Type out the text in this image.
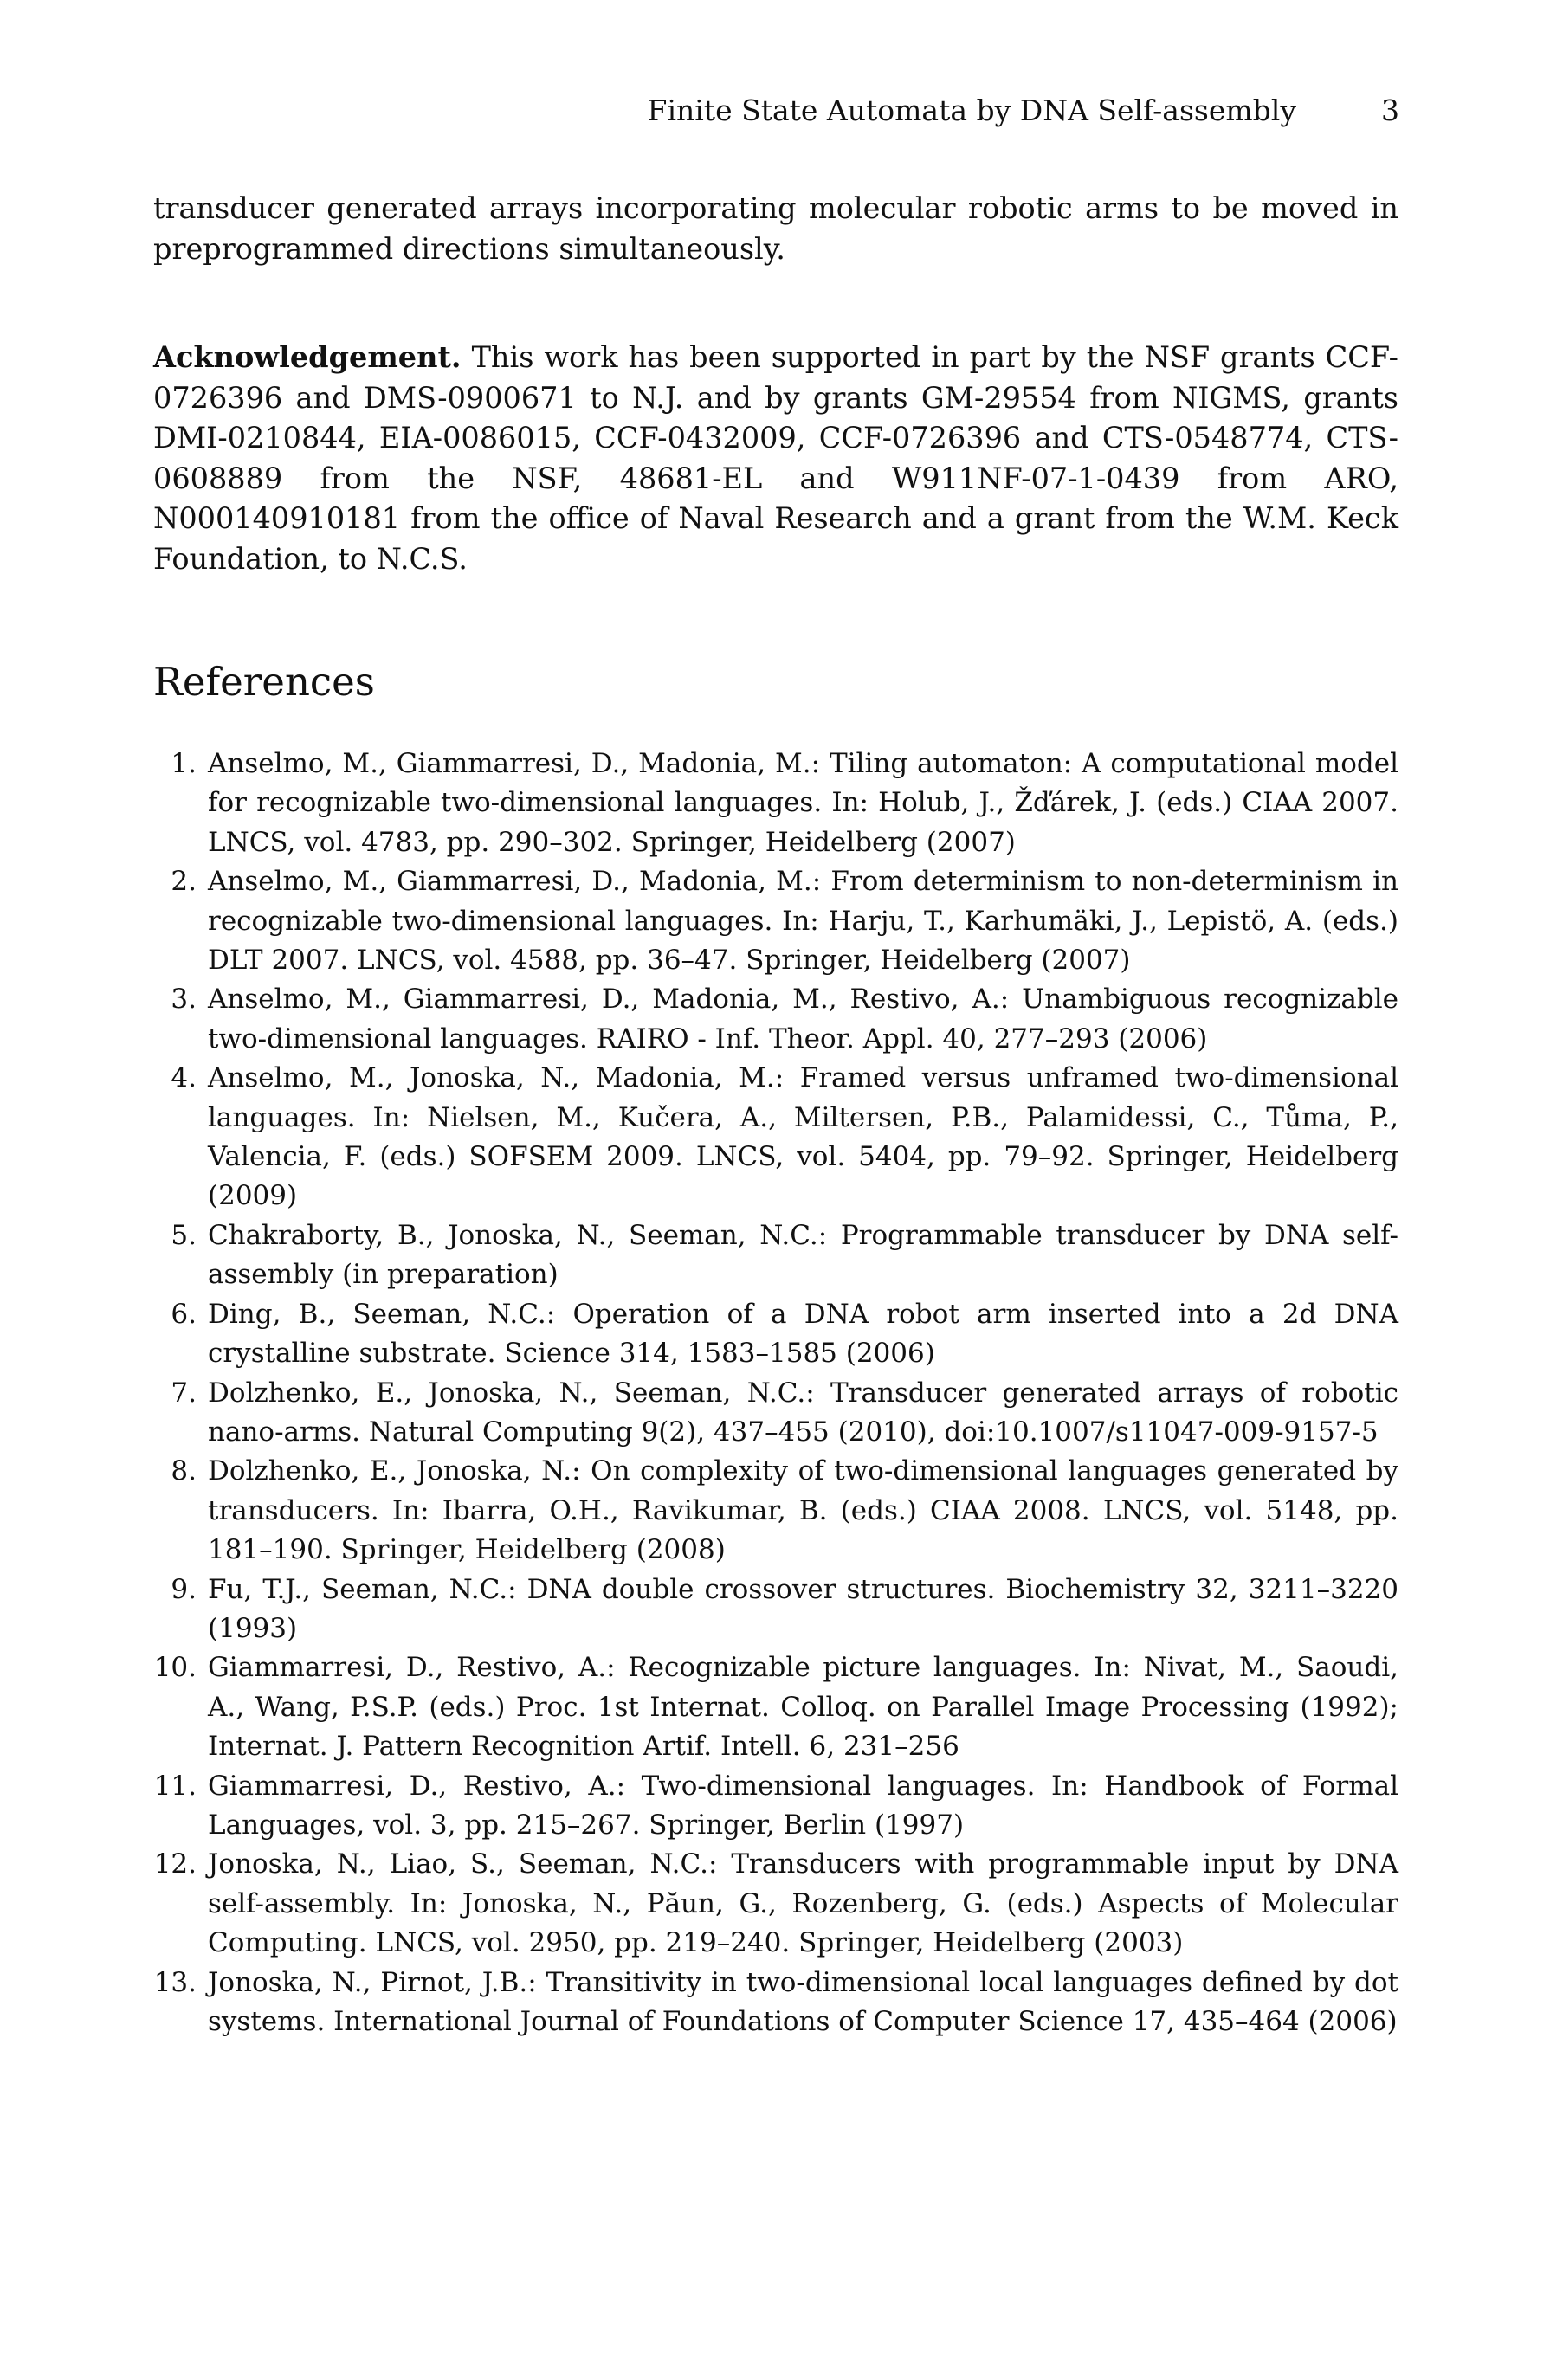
Finite State Automata by DNA Self-assembly	3

transducer generated arrays incorporating molecular robotic arms to be moved in preprogrammed directions simultaneously.

Acknowledgement. This work has been supported in part by the NSF grants CCF-0726396 and DMS-0900671 to N.J. and by grants GM-29554 from NIGMS, grants DMI-0210844, EIA-0086015, CCF-0432009, CCF-0726396 and CTS-0548774, CTS-0608889 from the NSF, 48681-EL and W911NF-07-1-0439 from ARO, N000140910181 from the office of Naval Research and a grant from the W.M. Keck Foundation, to N.C.S.

References
1. Anselmo, M., Giammarresi, D., Madonia, M.: Tiling automaton: A computational model for recognizable two-dimensional languages. In: Holub, J., Žďárek, J. (eds.) CIAA 2007. LNCS, vol. 4783, pp. 290–302. Springer, Heidelberg (2007)
2. Anselmo, M., Giammarresi, D., Madonia, M.: From determinism to non-determinism in recognizable two-dimensional languages. In: Harju, T., Karhumäki, J., Lepistö, A. (eds.) DLT 2007. LNCS, vol. 4588, pp. 36–47. Springer, Heidelberg (2007)
3. Anselmo, M., Giammarresi, D., Madonia, M., Restivo, A.: Unambiguous recognizable two-dimensional languages. RAIRO - Inf. Theor. Appl. 40, 277–293 (2006)
4. Anselmo, M., Jonoska, N., Madonia, M.: Framed versus unframed two-dimensional languages. In: Nielsen, M., Kučera, A., Miltersen, P.B., Palamidessi, C., Tůma, P., Valencia, F. (eds.) SOFSEM 2009. LNCS, vol. 5404, pp. 79–92. Springer, Heidelberg (2009)
5. Chakraborty, B., Jonoska, N., Seeman, N.C.: Programmable transducer by DNA self-assembly (in preparation)
6. Ding, B., Seeman, N.C.: Operation of a DNA robot arm inserted into a 2d DNA crystalline substrate. Science 314, 1583–1585 (2006)
7. Dolzhenko, E., Jonoska, N., Seeman, N.C.: Transducer generated arrays of robotic nano-arms. Natural Computing 9(2), 437–455 (2010), doi:10.1007/s11047-009-9157-5
8. Dolzhenko, E., Jonoska, N.: On complexity of two-dimensional languages generated by transducers. In: Ibarra, O.H., Ravikumar, B. (eds.) CIAA 2008. LNCS, vol. 5148, pp. 181–190. Springer, Heidelberg (2008)
9. Fu, T.J., Seeman, N.C.: DNA double crossover structures. Biochemistry 32, 3211–3220 (1993)
10. Giammarresi, D., Restivo, A.: Recognizable picture languages. In: Nivat, M., Saoudi, A., Wang, P.S.P. (eds.) Proc. 1st Internat. Colloq. on Parallel Image Processing (1992); Internat. J. Pattern Recognition Artif. Intell. 6, 231–256
11. Giammarresi, D., Restivo, A.: Two-dimensional languages. In: Handbook of Formal Languages, vol. 3, pp. 215–267. Springer, Berlin (1997)
12. Jonoska, N., Liao, S., Seeman, N.C.: Transducers with programmable input by DNA self-assembly. In: Jonoska, N., Păun, G., Rozenberg, G. (eds.) Aspects of Molecular Computing. LNCS, vol. 2950, pp. 219–240. Springer, Heidelberg (2003)
13. Jonoska, N., Pirnot, J.B.: Transitivity in two-dimensional local languages defined by dot systems. International Journal of Foundations of Computer Science 17, 435–464 (2006)
